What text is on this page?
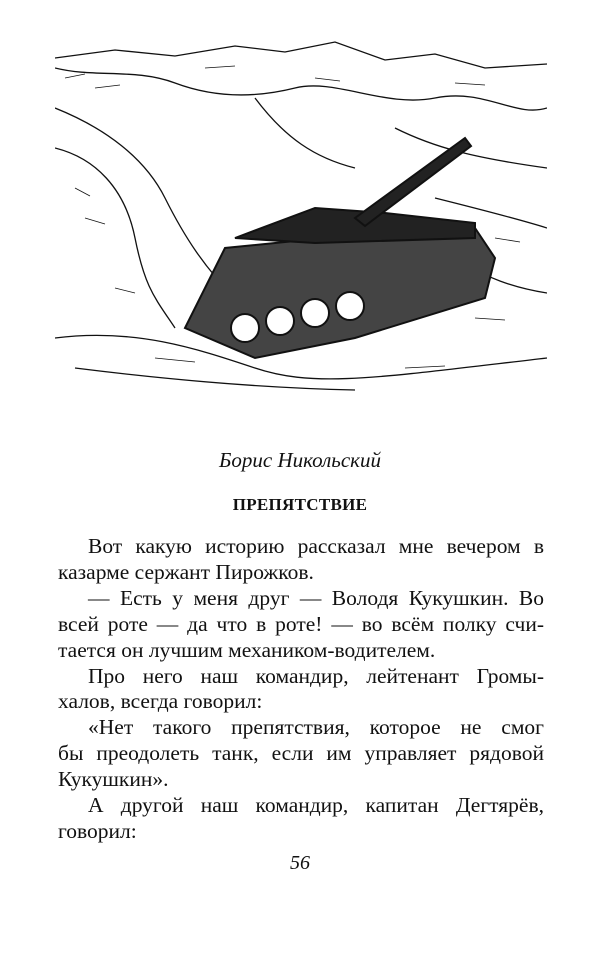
Борис Никольский
ПРЕПЯТСТВИЕ
Вот какую историю рассказал мне вечером в
казарме сержант Пирожков.
— Есть у меня друг — Володя Кукушкин. Во
всей роте — да что в роте! — во всём полку счи-
тается он лучшим механиком-водителем.
Про него наш командир, лейтенант Громы-
халов, всегда говорил:
«Нет такого препятствия, которое не смог
бы преодолеть танк, если им управляет рядовой
Кукушкин».
А другой наш командир, капитан Дегтярёв,
говорил:
56
